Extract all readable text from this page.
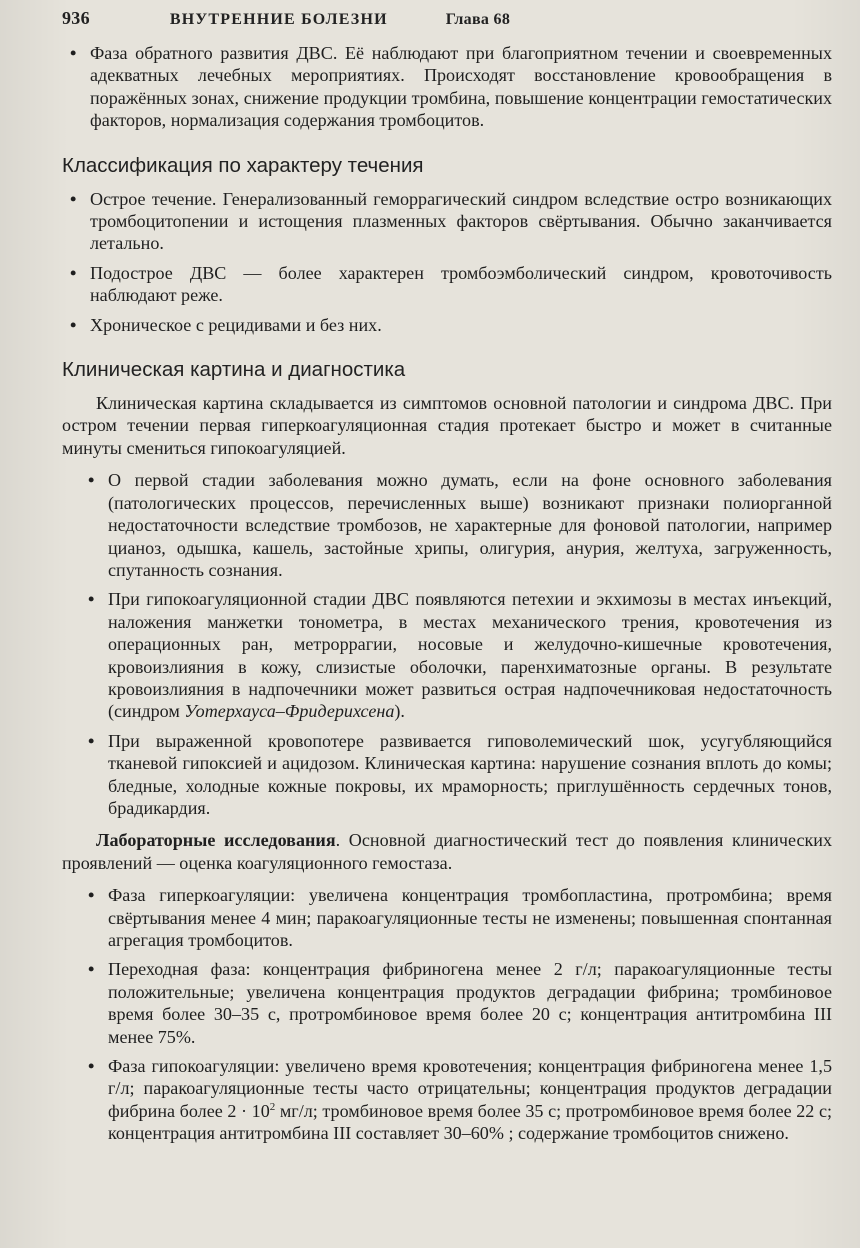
936	ВНУТРЕННИЕ БОЛЕЗНИ	Глава 68
• Фаза обратного развития ДВС. Её наблюдают при благоприятном течении и своевременных адекватных лечебных мероприятиях. Происходят восстановление кровообращения в поражённых зонах, снижение продукции тромбина, повышение концентрации гемостатических факторов, нормализация содержания тромбоцитов.
Классификация по характеру течения
• Острое течение. Генерализованный геморрагический синдром вследствие остро возникающих тромбоцитопении и истощения плазменных факторов свёртывания. Обычно заканчивается летально.
• Подострое ДВС — более характерен тромбоэмболический синдром, кровоточивость наблюдают реже.
• Хроническое с рецидивами и без них.
Клиническая картина и диагностика

Клиническая картина складывается из симптомов основной патологии и синдрома ДВС. При остром течении первая гиперкоагуляционная стадия протекает быстро и может в считанные минуты смениться гипокоагуляцией.

• О первой стадии заболевания можно думать, если на фоне основного заболевания (патологических процессов, перечисленных выше) возникают признаки полиорганной недостаточности вследствие тромбозов, не характерные для фоновой патологии, например цианоз, одышка, кашель, застойные хрипы, олигурия, анурия, желтуха, загруженность, спутанность сознания.
• При гипокоагуляционной стадии ДВС появляются петехии и экхимозы в местах инъекций, наложения манжетки тонометра, в местах механического трения, кровотечения из операционных ран, метроррагии, носовые и желудочно-кишечные кровотечения, кровоизлияния в кожу, слизистые оболочки, паренхиматозные органы. В результате кровоизлияния в надпочечники может развиться острая надпочечниковая недостаточность (синдром Уотерхауса–Фридерихсена).
• При выраженной кровопотере развивается гиповолемический шок, усугубляющийся тканевой гипоксией и ацидозом. Клиническая картина: нарушение сознания вплоть до комы; бледные, холодные кожные покровы, их мраморность; приглушённость сердечных тонов, брадикардия.

Лабораторные исследования. Основной диагностический тест до появления клинических проявлений — оценка коагуляционного гемостаза.

• Фаза гиперкоагуляции: увеличена концентрация тромбопластина, протромбина; время свёртывания менее 4 мин; паракоагуляционные тесты не изменены; повышенная спонтанная агрегация тромбоцитов.
• Переходная фаза: концентрация фибриногена менее 2 г/л; паракоагуляционные тесты положительные; увеличена концентрация продуктов деградации фибрина; тромбиновое время более 30–35 с, протромбиновое время более 20 с; концентрация антитромбина III менее 75%.
• Фаза гипокоагуляции: увеличено время кровотечения; концентрация фибриногена менее 1,5 г/л; паракоагуляционные тесты часто отрицательны; концентрация продуктов деградации фибрина более $2 \cdot 10^2$ мг/л; тромбиновое время более 35 с; протромбиновое время более 22 с; концентрация антитромбина III составляет 30–60% ; содержание тромбоцитов снижено.
